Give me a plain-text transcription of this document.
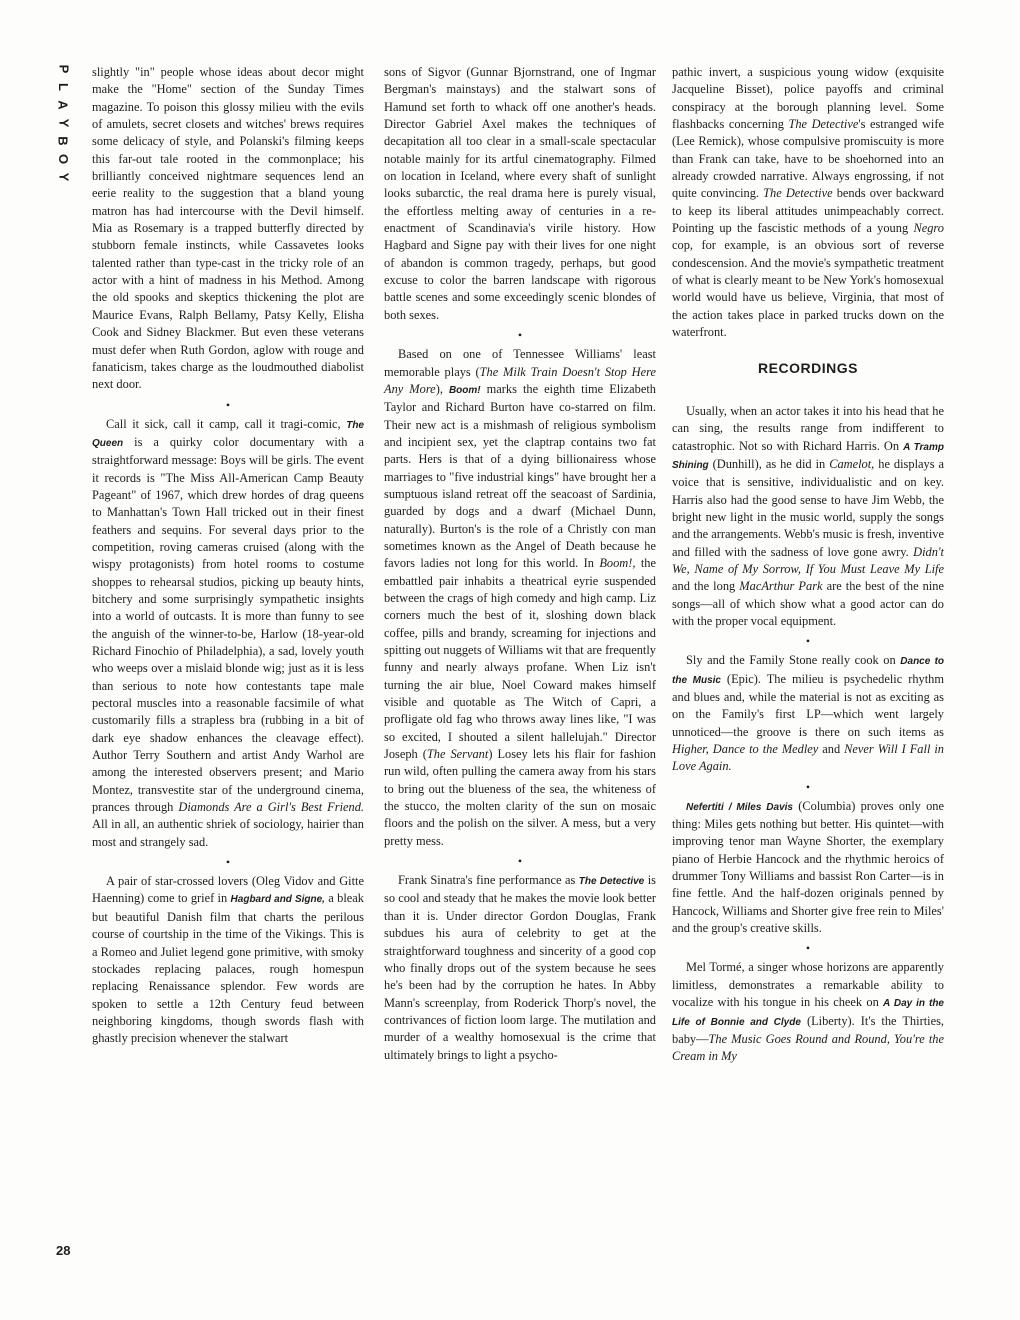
P
L
A
Y
B
O
Y
28

slightly "in" people whose ideas about decor might make the "Home" section of the Sunday Times magazine. To poison this glossy milieu with the evils of amulets, secret closets and witches' brews requires some delicacy of style, and Polanski's filming keeps this far-out tale rooted in the commonplace; his brilliantly conceived nightmare sequences lend an eerie reality to the suggestion that a bland young matron has had intercourse with the Devil himself. Mia as Rosemary is a trapped butterfly directed by stubborn female instincts, while Cassavetes looks talented rather than type-cast in the tricky role of an actor with a hint of madness in his Method. Among the old spooks and skeptics thickening the plot are Maurice Evans, Ralph Bellamy, Patsy Kelly, Elisha Cook and Sidney Blackmer. But even these veterans must defer when Ruth Gordon, aglow with rouge and fanaticism, takes charge as the loudmouthed diabolist next door.

•

Call it sick, call it camp, call it tragi-comic, The Queen is a quirky color documentary with a straightforward message: Boys will be girls. The event it records is "The Miss All-American Camp Beauty Pageant" of 1967, which drew hordes of drag queens to Manhattan's Town Hall tricked out in their finest feathers and sequins. For several days prior to the competition, roving cameras cruised (along with the wispy protagonists) from hotel rooms to costume shoppes to rehearsal studios, picking up beauty hints, bitchery and some surprisingly sympathetic insights into a world of outcasts. It is more than funny to see the anguish of the winner-to-be, Harlow (18-year-old Richard Finochio of Philadelphia), a sad, lovely youth who weeps over a mislaid blonde wig; just as it is less than serious to note how contestants tape male pectoral muscles into a reasonable facsimile of what customarily fills a strapless bra (rubbing in a bit of dark eye shadow enhances the cleavage effect). Author Terry Southern and artist Andy Warhol are among the interested observers present; and Mario Montez, transvestite star of the underground cinema, prances through Diamonds Are a Girl's Best Friend. All in all, an authentic shriek of sociology, hairier than most and strangely sad.

•

A pair of star-crossed lovers (Oleg Vidov and Gitte Haenning) come to grief in Hagbard and Signe, a bleak but beautiful Danish film that charts the perilous course of courtship in the time of the Vikings. This is a Romeo and Juliet legend gone primitive, with smoky stockades replacing palaces, rough homespun replacing Renaissance splendor. Few words are spoken to settle a 12th Century feud between neighboring kingdoms, though swords flash with ghastly precision whenever the stalwart

sons of Sigvor (Gunnar Bjornstrand, one of Ingmar Bergman's mainstays) and the stalwart sons of Hamund set forth to whack off one another's heads. Director Gabriel Axel makes the techniques of decapitation all too clear in a small-scale spectacular notable mainly for its artful cinematography. Filmed on location in Iceland, where every shaft of sunlight looks subarctic, the real drama here is purely visual, the effortless melting away of centuries in a re-enactment of Scandinavia's virile history. How Hagbard and Signe pay with their lives for one night of abandon is common tragedy, perhaps, but good excuse to color the barren landscape with rigorous battle scenes and some exceedingly scenic blondes of both sexes.

•

Based on one of Tennessee Williams' least memorable plays (The Milk Train Doesn't Stop Here Any More), Boom! marks the eighth time Elizabeth Taylor and Richard Burton have co-starred on film. Their new act is a mishmash of religious symbolism and incipient sex, yet the claptrap contains two fat parts. Hers is that of a dying billionairess whose marriages to "five industrial kings" have brought her a sumptuous island retreat off the seacoast of Sardinia, guarded by dogs and a dwarf (Michael Dunn, naturally). Burton's is the role of a Christly con man sometimes known as the Angel of Death because he favors ladies not long for this world. In Boom!, the embattled pair inhabits a theatrical eyrie suspended between the crags of high comedy and high camp. Liz corners much the best of it, sloshing down black coffee, pills and brandy, screaming for injections and spitting out nuggets of Williams wit that are frequently funny and nearly always profane. When Liz isn't turning the air blue, Noel Coward makes himself visible and quotable as The Witch of Capri, a profligate old fag who throws away lines like, "I was so excited, I shouted a silent hallelujah." Director Joseph (The Servant) Losey lets his flair for fashion run wild, often pulling the camera away from his stars to bring out the blueness of the sea, the whiteness of the stucco, the molten clarity of the sun on mosaic floors and the polish on the silver. A mess, but a very pretty mess.

•

Frank Sinatra's fine performance as The Detective is so cool and steady that he makes the movie look better than it is. Under director Gordon Douglas, Frank subdues his aura of celebrity to get at the straightforward toughness and sincerity of a good cop who finally drops out of the system because he sees he's been had by the corruption he hates. In Abby Mann's screenplay, from Roderick Thorp's novel, the contrivances of fiction loom large. The mutilation and murder of a wealthy homosexual is the crime that ultimately brings to light a psycho-

pathic invert, a suspicious young widow (exquisite Jacqueline Bisset), police payoffs and criminal conspiracy at the borough planning level. Some flashbacks concerning The Detective's estranged wife (Lee Remick), whose compulsive promiscuity is more than Frank can take, have to be shoehorned into an already crowded narrative. Always engrossing, if not quite convincing. The Detective bends over backward to keep its liberal attitudes unimpeachably correct. Pointing up the fascistic methods of a young Negro cop, for example, is an obvious sort of reverse condescension. And the movie's sympathetic treatment of what is clearly meant to be New York's homosexual world would have us believe, Virginia, that most of the action takes place in parked trucks down on the waterfront.

RECORDINGS

Usually, when an actor takes it into his head that he can sing, the results range from indifferent to catastrophic. Not so with Richard Harris. On A Tramp Shining (Dunhill), as he did in Camelot, he displays a voice that is sensitive, individualistic and on key. Harris also had the good sense to have Jim Webb, the bright new light in the music world, supply the songs and the arrangements. Webb's music is fresh, inventive and filled with the sadness of love gone awry. Didn't We, Name of My Sorrow, If You Must Leave My Life and the long MacArthur Park are the best of the nine songs—all of which show what a good actor can do with the proper vocal equipment.

•

Sly and the Family Stone really cook on Dance to the Music (Epic). The milieu is psychedelic rhythm and blues and, while the material is not as exciting as on the Family's first LP—which went largely unnoticed—the groove is there on such items as Higher, Dance to the Medley and Never Will I Fall in Love Again.

•

Nefertiti / Miles Davis (Columbia) proves only one thing: Miles gets nothing but better. His quintet—with improving tenor man Wayne Shorter, the exemplary piano of Herbie Hancock and the rhythmic heroics of drummer Tony Williams and bassist Ron Carter—is in fine fettle. And the half-dozen originals penned by Hancock, Williams and Shorter give free rein to Miles' and the group's creative skills.

•

Mel Tormé, a singer whose horizons are apparently limitless, demonstrates a remarkable ability to vocalize with his tongue in his cheek on A Day in the Life of Bonnie and Clyde (Liberty). It's the Thirties, baby—The Music Goes Round and Round, You're the Cream in My
